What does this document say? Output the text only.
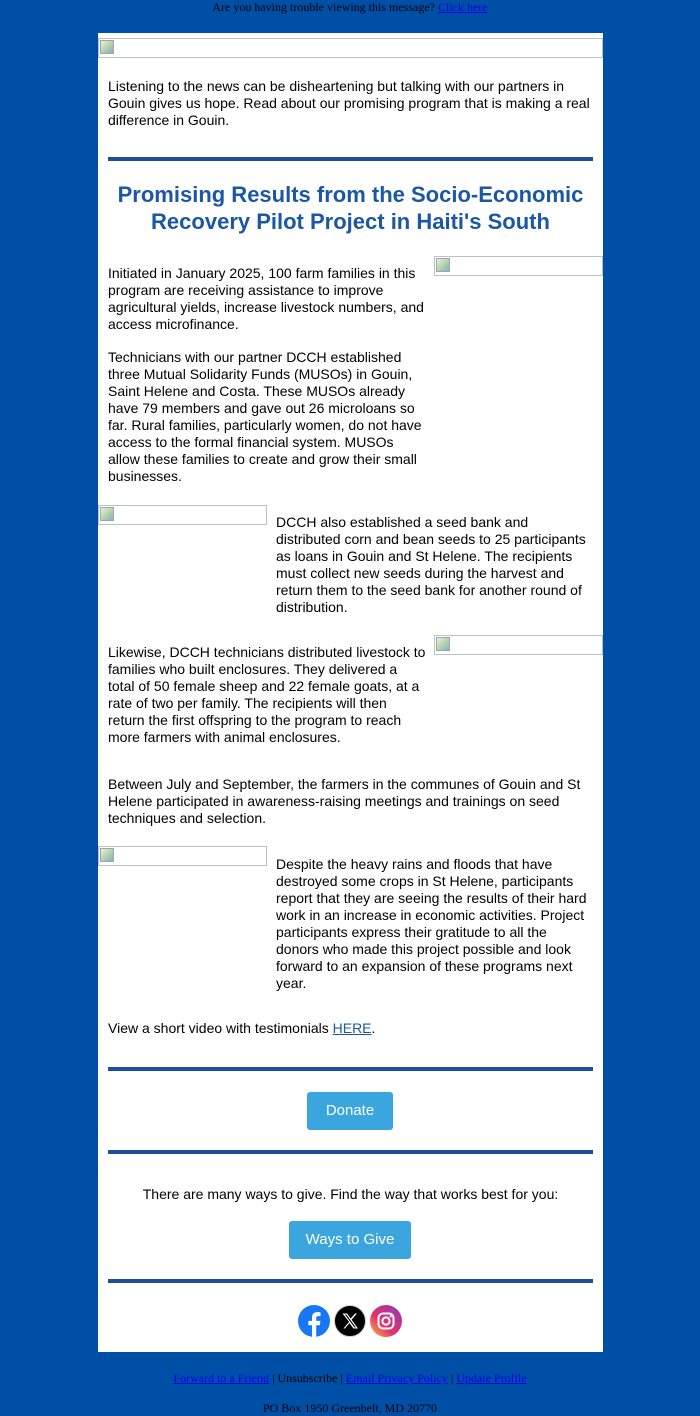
Are you having trouble viewing this message? Click here
Listening to the news can be disheartening but talking with our partners in Gouin gives us hope. Read about our promising program that is making a real difference in Gouin.
Promising Results from the Socio-Economic Recovery Pilot Project in Haiti's South
Initiated in January 2025, 100 farm families in this program are receiving assistance to improve agricultural yields, increase livestock numbers, and access microfinance.
Technicians with our partner DCCH established three Mutual Solidarity Funds (MUSOs) in Gouin, Saint Helene and Costa. These MUSOs already have 79 members and gave out 26 microloans so far. Rural families, particularly women, do not have access to the formal financial system. MUSOs allow these families to create and grow their small businesses.
DCCH also established a seed bank and distributed corn and bean seeds to 25 participants as loans in Gouin and St Helene. The recipients must collect new seeds during the harvest and return them to the seed bank for another round of distribution.
Likewise, DCCH technicians distributed livestock to families who built enclosures. They delivered a total of 50 female sheep and 22 female goats, at a rate of two per family. The recipients will then return the first offspring to the program to reach more farmers with animal enclosures.
Between July and September, the farmers in the communes of Gouin and St Helene participated in awareness-raising meetings and trainings on seed techniques and selection.
Despite the heavy rains and floods that have destroyed some crops in St Helene, participants report that they are seeing the results of their hard work in an increase in economic activities. Project participants express their gratitude to all the donors who made this project possible and look forward to an expansion of these programs next year.
View a short video with testimonials HERE.
Donate
There are many ways to give. Find the way that works best for you:
Ways to Give
Forward to a Friend | Unsubscribe | Email Privacy Policy | Update Profile
PO Box 1950 Greenbelt, MD 20770
